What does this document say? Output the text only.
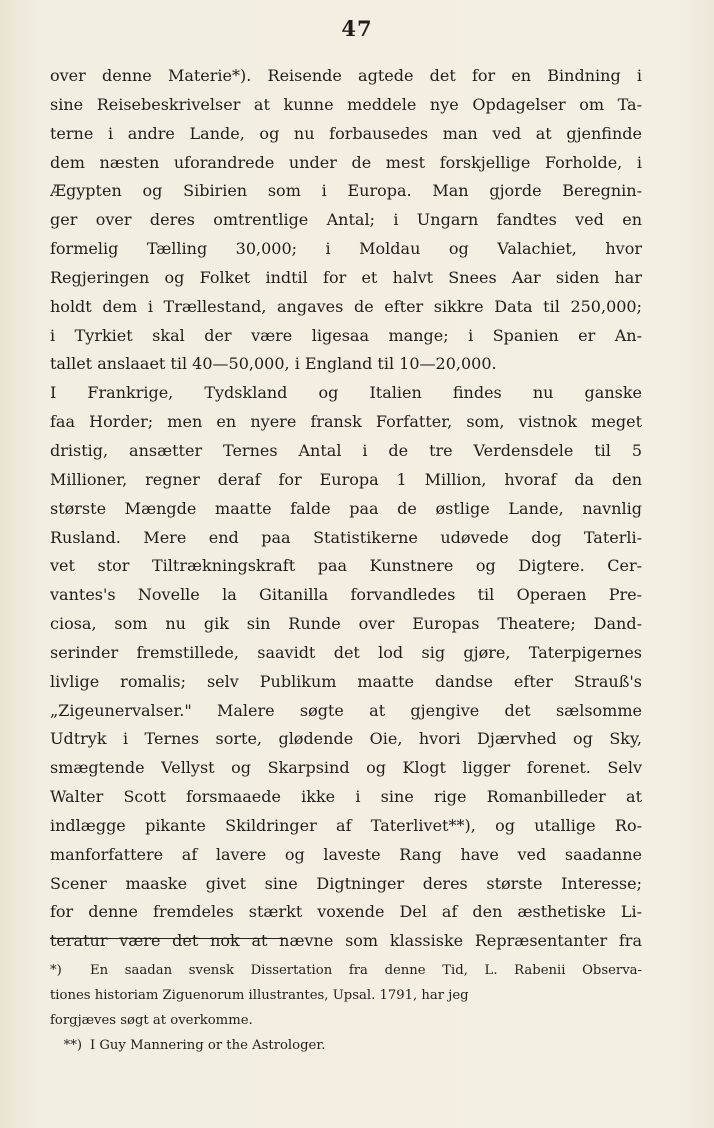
47
over denne Materie*). Reisende agtede det for en Bindning i
sine Reisebeskrivelser at kunne meddele nye Opdagelser om Ta-
terne i andre Lande, og nu forbausedes man ved at gjenfinde
dem næsten uforandrede under de mest forskjellige Forholde, i
Ægypten og Sibirien som i Europa. Man gjorde Beregnin-
ger over deres omtrentlige Antal; i Ungarn fandtes ved en
formelig Tælling 30,000; i Moldau og Valachiet, hvor
Regjeringen og Folket indtil for et halvt Snees Aar siden har
holdt dem i Trællestand, angaves de efter sikkre Data til 250,000;
i Tyrkiet skal der være ligesaa mange; i Spanien er An-
tallet anslaaet til 40—50,000, i England til 10—20,000.
I Frankrige, Tydskland og Italien findes nu ganske
faa Horder; men en nyere fransk Forfatter, som, vistnok meget
dristig, ansætter Ternes Antal i de tre Verdensdele til 5
Millioner, regner deraf for Europa 1 Million, hvoraf da den
største Mængde maatte falde paa de østlige Lande, navnlig
Rusland. Mere end paa Statistikerne udøvede dog Taterli-
vet stor Tiltrækningskraft paa Kunstnere og Digtere. Cer-
vantes's Novelle la Gitanilla forvandledes til Operaen Pre-
ciosa, som nu gik sin Runde over Europas Theatere; Dand-
serinder fremstillede, saavidt det lod sig gjøre, Taterpigernes
livlige romalis; selv Publikum maatte dandse efter Strauß's
„Zigeunervalser." Malere søgte at gjengive det sælsomme
Udtryk i Ternes sorte, glødende Oie, hvori Djærvhed og Sky,
smægtende Vellyst og Skarpsind og Klogt ligger forenet. Selv
Walter Scott forsmaaede ikke i sine rige Romanbilleder at
indlægge pikante Skildringer af Taterlivet**), og utallige Ro-
manforfattere af lavere og laveste Rang have ved saadanne
Scener maaske givet sine Digtninger deres største Interesse;
for denne fremdeles stærkt voxende Del af den æsthetiske Li-
teratur være det nok at nævne som klassiske Repræsentanter fra
*) En saadan svensk Dissertation fra denne Tid, L. Rabenii Observa-
tiones historiam Ziguenorum illustrantes, Upsal. 1791, har jeg
forgjæves søgt at overkomme.
**) I Guy Mannering or the Astrologer.
